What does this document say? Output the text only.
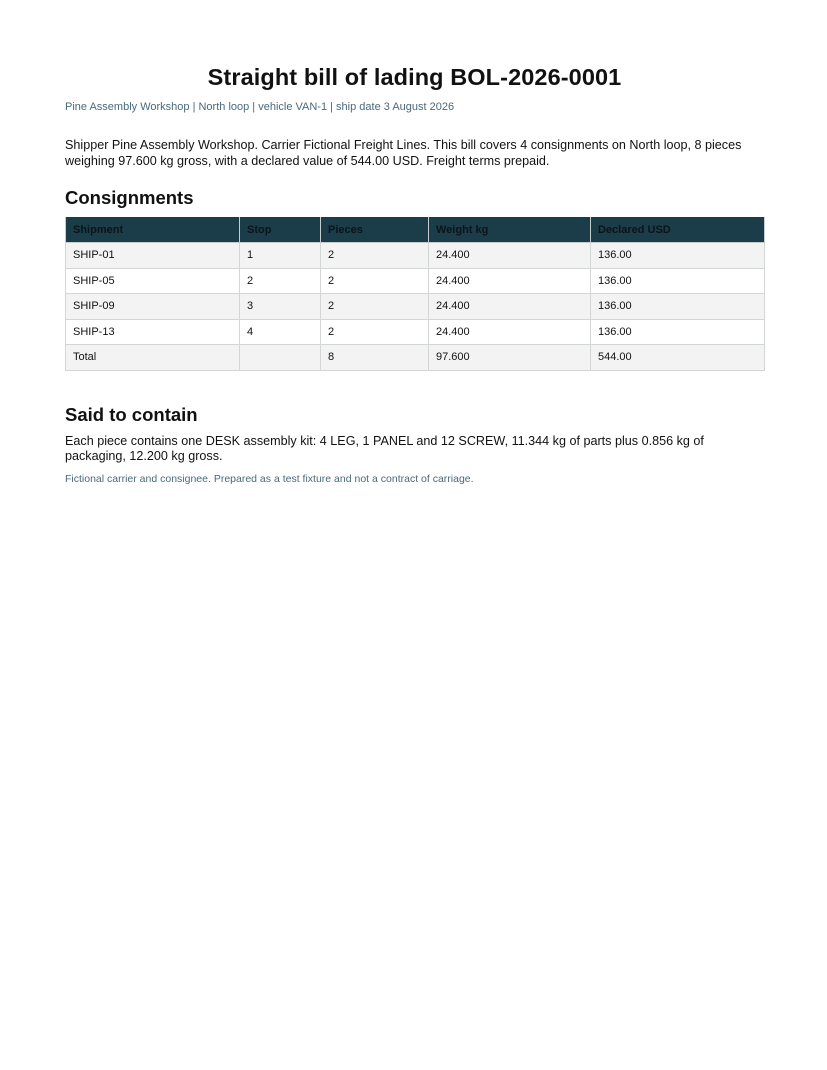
Straight bill of lading BOL-2026-0001
Pine Assembly Workshop | North loop | vehicle VAN-1 | ship date 3 August 2026
Shipper Pine Assembly Workshop. Carrier Fictional Freight Lines. This bill covers 4 consignments on North loop, 8 pieces weighing 97.600 kg gross, with a declared value of 544.00 USD. Freight terms prepaid.
Consignments
Shipment	Stop	Pieces	Weight kg	Declared USD
SHIP-01	1	2	24.400	136.00
SHIP-05	2	2	24.400	136.00
SHIP-09	3	2	24.400	136.00
SHIP-13	4	2	24.400	136.00
Total		8	97.600	544.00
Said to contain
Each piece contains one DESK assembly kit: 4 LEG, 1 PANEL and 12 SCREW, 11.344 kg of parts plus 0.856 kg of packaging, 12.200 kg gross.
Fictional carrier and consignee. Prepared as a test fixture and not a contract of carriage.
